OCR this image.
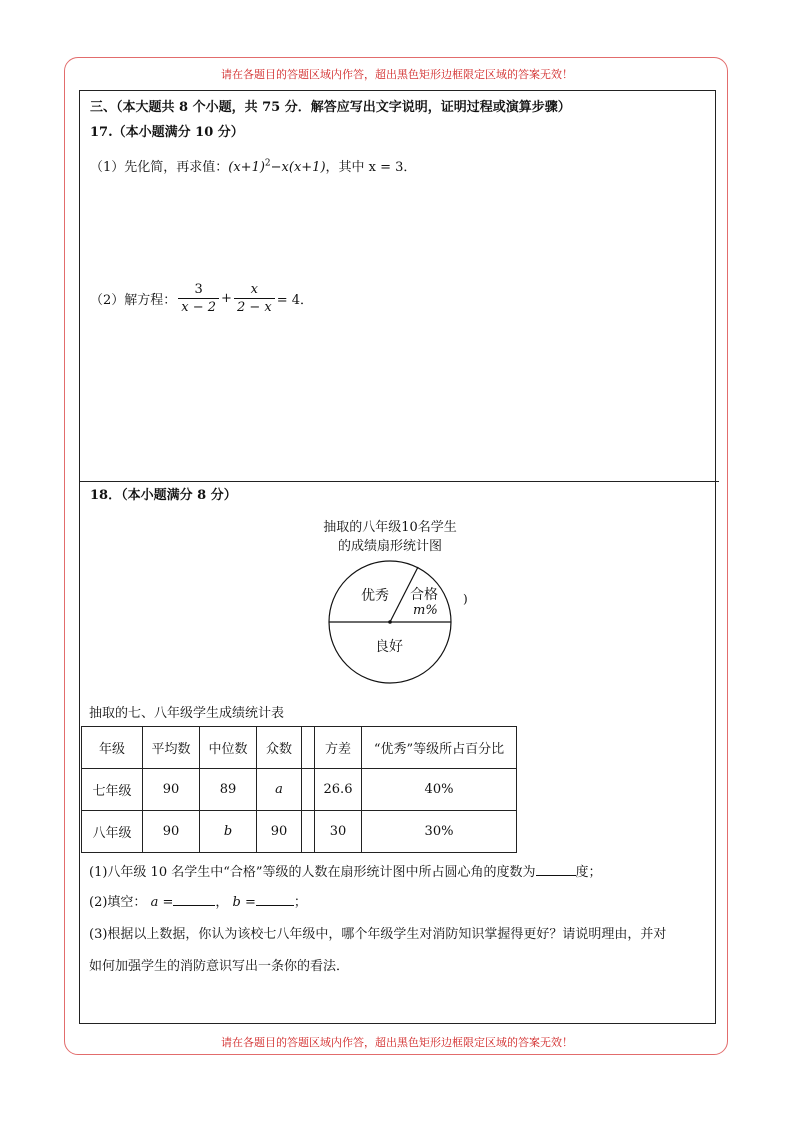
请在各题目的答题区域内作答，超出黑色矩形边框限定区域的答案无效！
请在各题目的答题区域内作答，超出黑色矩形边框限定区域的答案无效！
三、（本大题共 8 个小题，共 75 分．解答应写出文字说明，证明过程或演算步骤）
17.（本小题满分 10 分）
（1）先化简，再求值：$(x+1)^2-x(x+1)$，其中 x = 3．
（2）解方程： $\frac{3}{x - 2} + \frac{x}{2 - x} = 4$．
18．（本小题满分 8 分）
抽取的八年级10名学生
的成绩扇形统计图
优秀 合格
m%
良好
)
抽取的七、八年级学生成绩统计表
年级	平均数	中位数	众数		方差	“优秀”等级所占百分比
七年级	90	89	a		26.6	40%
八年级	90	b	90		30	30%
(1)八年级 10 名学生中“合格”等级的人数在扇形统计图中所占圆心角的度数为	度；
(2)填空： a =	， b =	；
(3)根据以上数据，你认为该校七八年级中，哪个年级学生对消防知识掌握得更好？请说明理由，并对
如何加强学生的消防意识写出一条你的看法．
